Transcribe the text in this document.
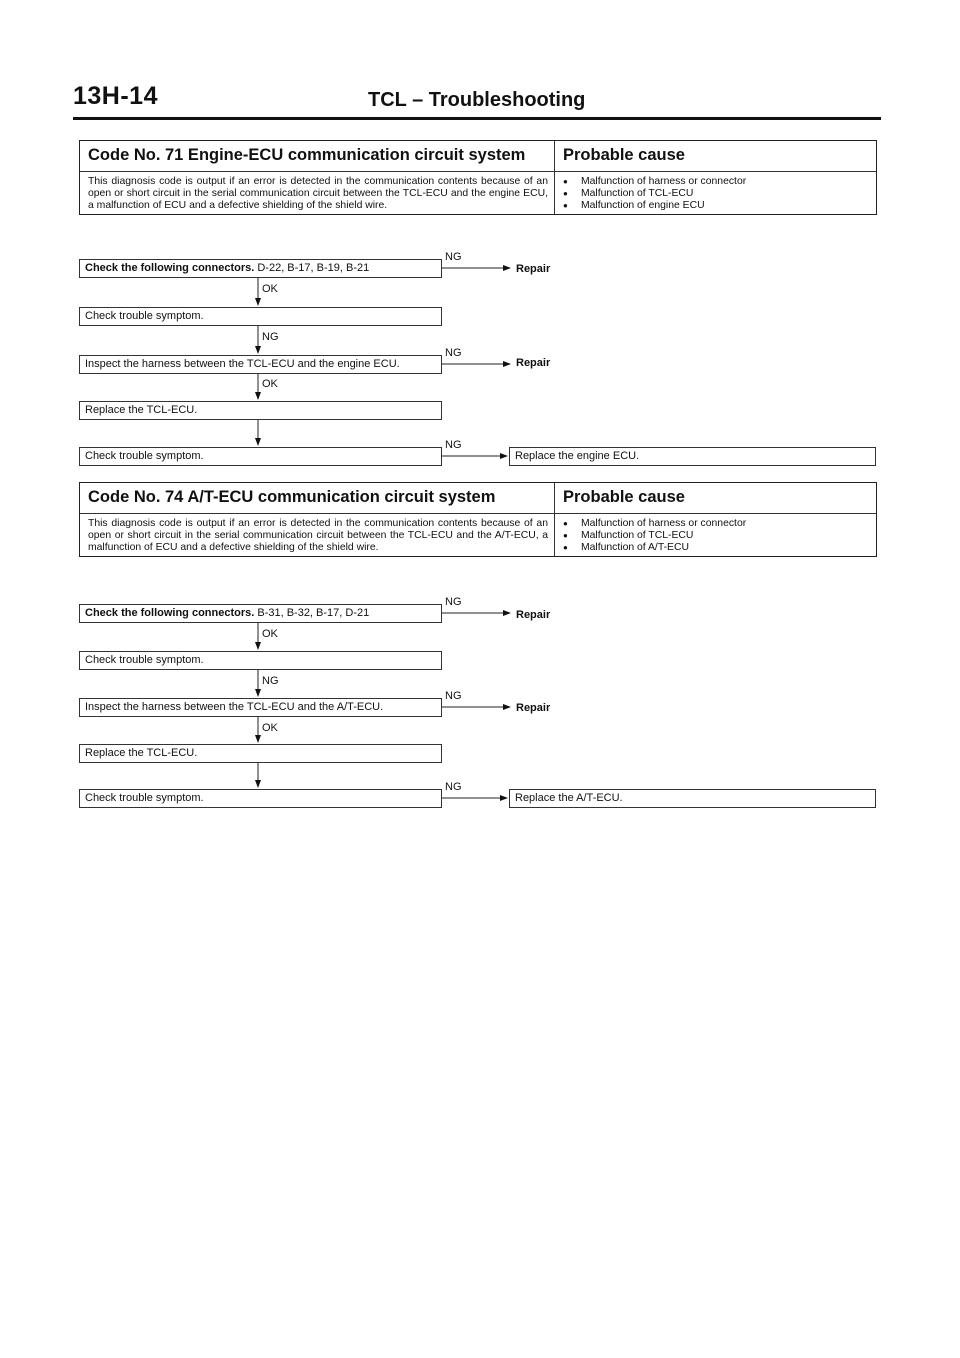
13H-14	TCL – Troubleshooting
Code No. 71 Engine-ECU communication circuit system	Probable cause
This diagnosis code is output if an error is detected in the communication contents because of an open or short circuit in the serial communication circuit between the TCL-ECU and the engine ECU, a malfunction of ECU and a defective shielding of the shield wire.
● Malfunction of harness or connector
● Malfunction of TCL-ECU
● Malfunction of engine ECU
Check the following connectors. D-22, B-17, B-19, B-21
Check trouble symptom.
Inspect the harness between the TCL-ECU and the engine ECU.
Replace the TCL-ECU.
Check trouble symptom.	Replace the engine ECU.
NG
OK
NG
NG
OK
NG
Repair
Repair
Code No. 74 A/T-ECU communication circuit system	Probable cause
This diagnosis code is output if an error is detected in the communication contents because of an open or short circuit in the serial communication circuit between the TCL-ECU and the A/T-ECU, a malfunction of ECU and a defective shielding of the shield wire.
● Malfunction of harness or connector
● Malfunction of TCL-ECU
● Malfunction of A/T-ECU
Check the following connectors. B-31, B-32, B-17, D-21
Check trouble symptom.
Inspect the harness between the TCL-ECU and the A/T-ECU.
Replace the TCL-ECU.
Check trouble symptom.	Replace the A/T-ECU.
NG
OK
NG
NG
OK
NG
Repair
Repair
